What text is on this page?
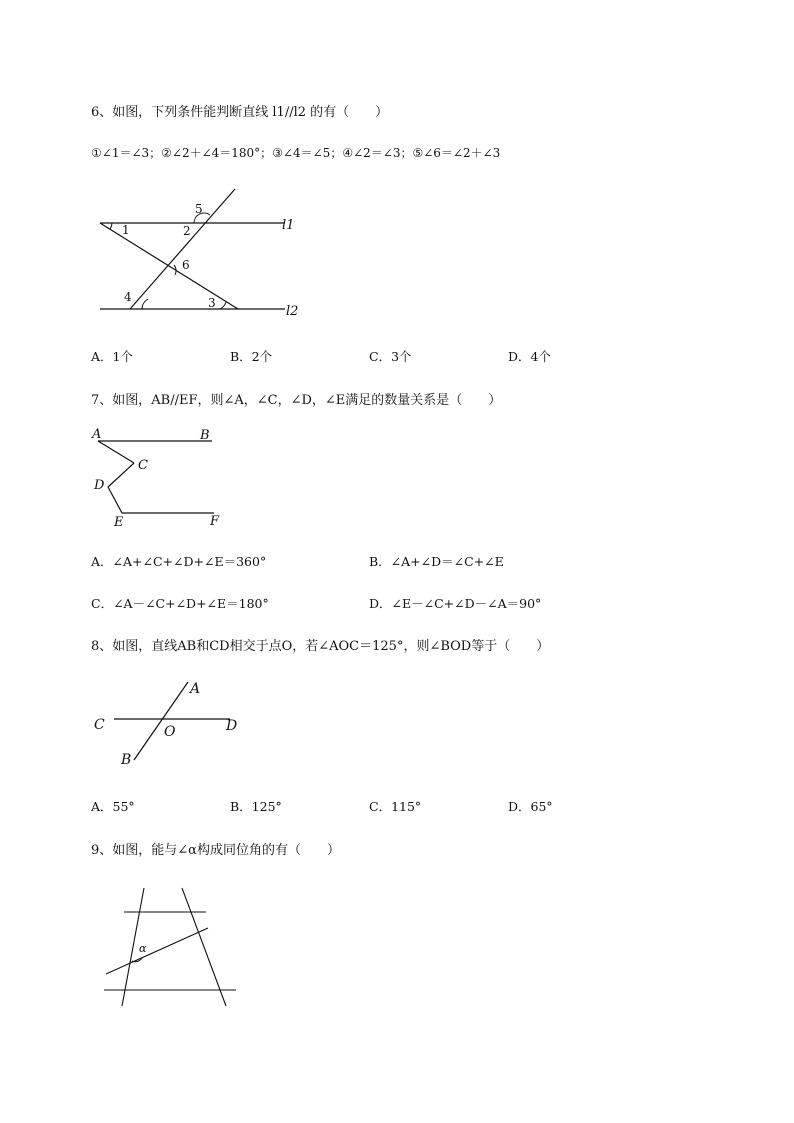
6、如图，下列条件能判断直线 l1//l2 的有（　　）
①∠1＝∠3；②∠2＋∠4＝180°；③∠4＝∠5；④∠2＝∠3；⑤∠6＝∠2＋∠3
1	2
5
6
4	3
l1
l2
A．1个	B．2个	C．3个	D．4个
7、如图，AB//EF，则∠A，∠C，∠D，∠E满足的数量关系是（　　）
A	B
C
D
E	F
A．∠A+∠C+∠D+∠E＝360°	B．∠A+∠D＝∠C+∠E
C．∠A－∠C+∠D+∠E＝180°	D．∠E－∠C+∠D－∠A＝90°
8、如图，直线AB和CD相交于点O，若∠AOC＝125°，则∠BOD等于（　　）
A
C	D
O
B
A．55°	B．125°	C．115°	D．65°
9、如图，能与∠α构成同位角的有（　　）
α
